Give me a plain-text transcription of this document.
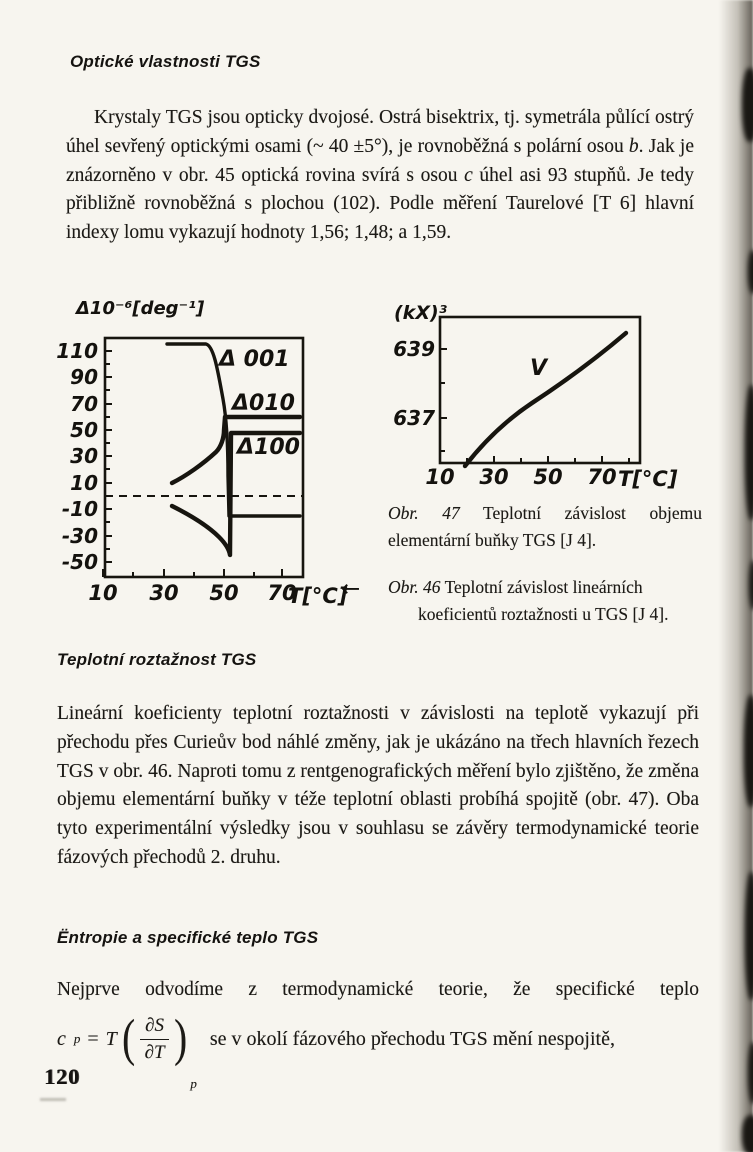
Optické vlastnosti TGS
Krystaly TGS jsou opticky dvojosé. Ostrá bisektrix, tj. symetrála půlící ostrý úhel sevřený optickými osami (~ 40 ±5°), je rovnoběžná s polární osou b. Jak je znázorněno v obr. 45 optická rovina svírá s osou c úhel asi 93 stupňů. Je tedy přibližně rovnoběžná s plochou (102). Podle měření Taurelové [T 6] hlavní indexy lomu vykazují hodnoty 1,56; 1,48; a 1,59.
Δ10⁻⁶[deg⁻¹]
110
90
70
50
30
10
-10
-30
-50
10 30 50 70
T[°C]
Δ 001
Δ010
Δ100
(kX)³
639
637
10 30 50 70 T[°C]
V
Obr. 47 Teplotní závislost objemu elementární buňky TGS [J 4].
← Obr. 46 Teplotní závislost lineárních koeficientů roztažnosti u TGS [J 4].
Teplotní roztažnost TGS
Lineární koeficienty teplotní roztažnosti v závislosti na teplotě vykazují při přechodu přes Curieův bod náhlé změny, jak je ukázáno na třech hlavních řezech TGS v obr. 46. Naproti tomu z rentgenografických měření bylo zjištěno, že změna objemu elementární buňky v téže teplotní oblasti probíhá spojitě (obr. 47). Oba tyto experimentální výsledky jsou v souhlasu se závěry termodynamické teorie fázových přechodů 2. druhu.
Ёntropie a specifické teplo TGS
Nejprve odvodíme z termodynamické teorie, že specifické teplo
c p = T ( $\frac{\partial S}{\partial T}$ )
p
se v okolí fázového přechodu TGS mění nespojitě,
120
